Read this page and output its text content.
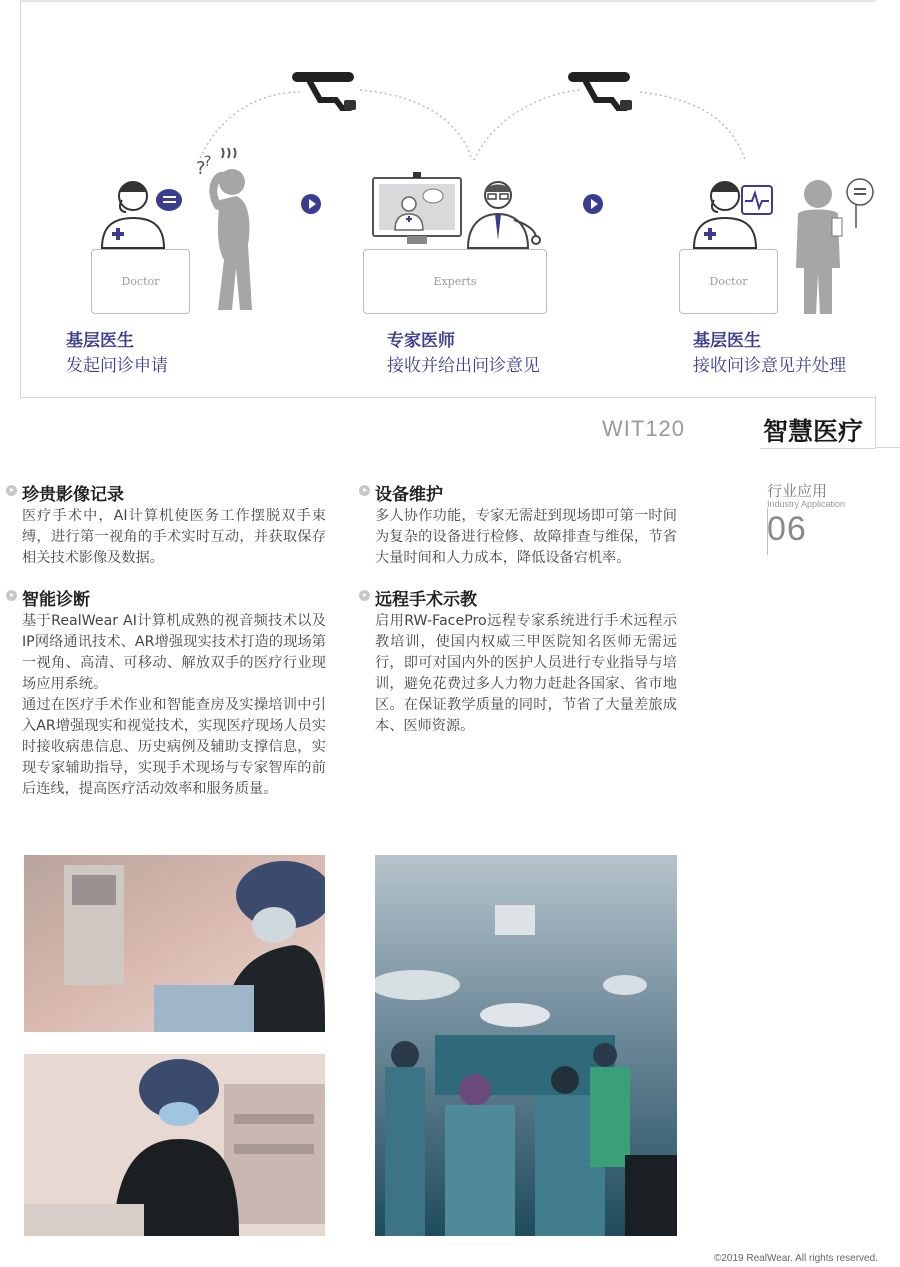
?
?
Doctor	Experts	Doctor
基层医生
发起问诊申请
专家医师
接收并给出问诊意见
基层医生
接收问诊意见并处理
WIT120	智慧医疗
行业应用
Industry Application
06
珍贵影像记录
医疗手术中，AI计算机使医务工作摆脱双手束缚，进行第一视角的手术实时互动，并获取保存相关技术影像及数据。
智能诊断
基于RealWear AI计算机成熟的视音频技术以及IP网络通讯技术、AR增强现实技术打造的现场第一视角、高清、可移动、解放双手的医疗行业现场应用系统。
通过在医疗手术作业和智能查房及实操培训中引入AR增强现实和视觉技术，实现医疗现场人员实时接收病患信息、历史病例及辅助支撑信息，实现专家辅助指导，实现手术现场与专家智库的前后连线，提高医疗活动效率和服务质量。
设备维护
多人协作功能，专家无需赶到现场即可第一时间为复杂的设备进行检修、故障排查与维保，节省大量时间和人力成本，降低设备宕机率。
远程手术示教
启用RW-FacePro远程专家系统进行手术远程示教培训，使国内权威三甲医院知名医师无需远行，即可对国内外的医护人员进行专业指导与培训，避免花费过多人力物力赶赴各国家、省市地区。在保证教学质量的同时，节省了大量差旅成本、医师资源。
©2019 RealWear. All rights reserved.
